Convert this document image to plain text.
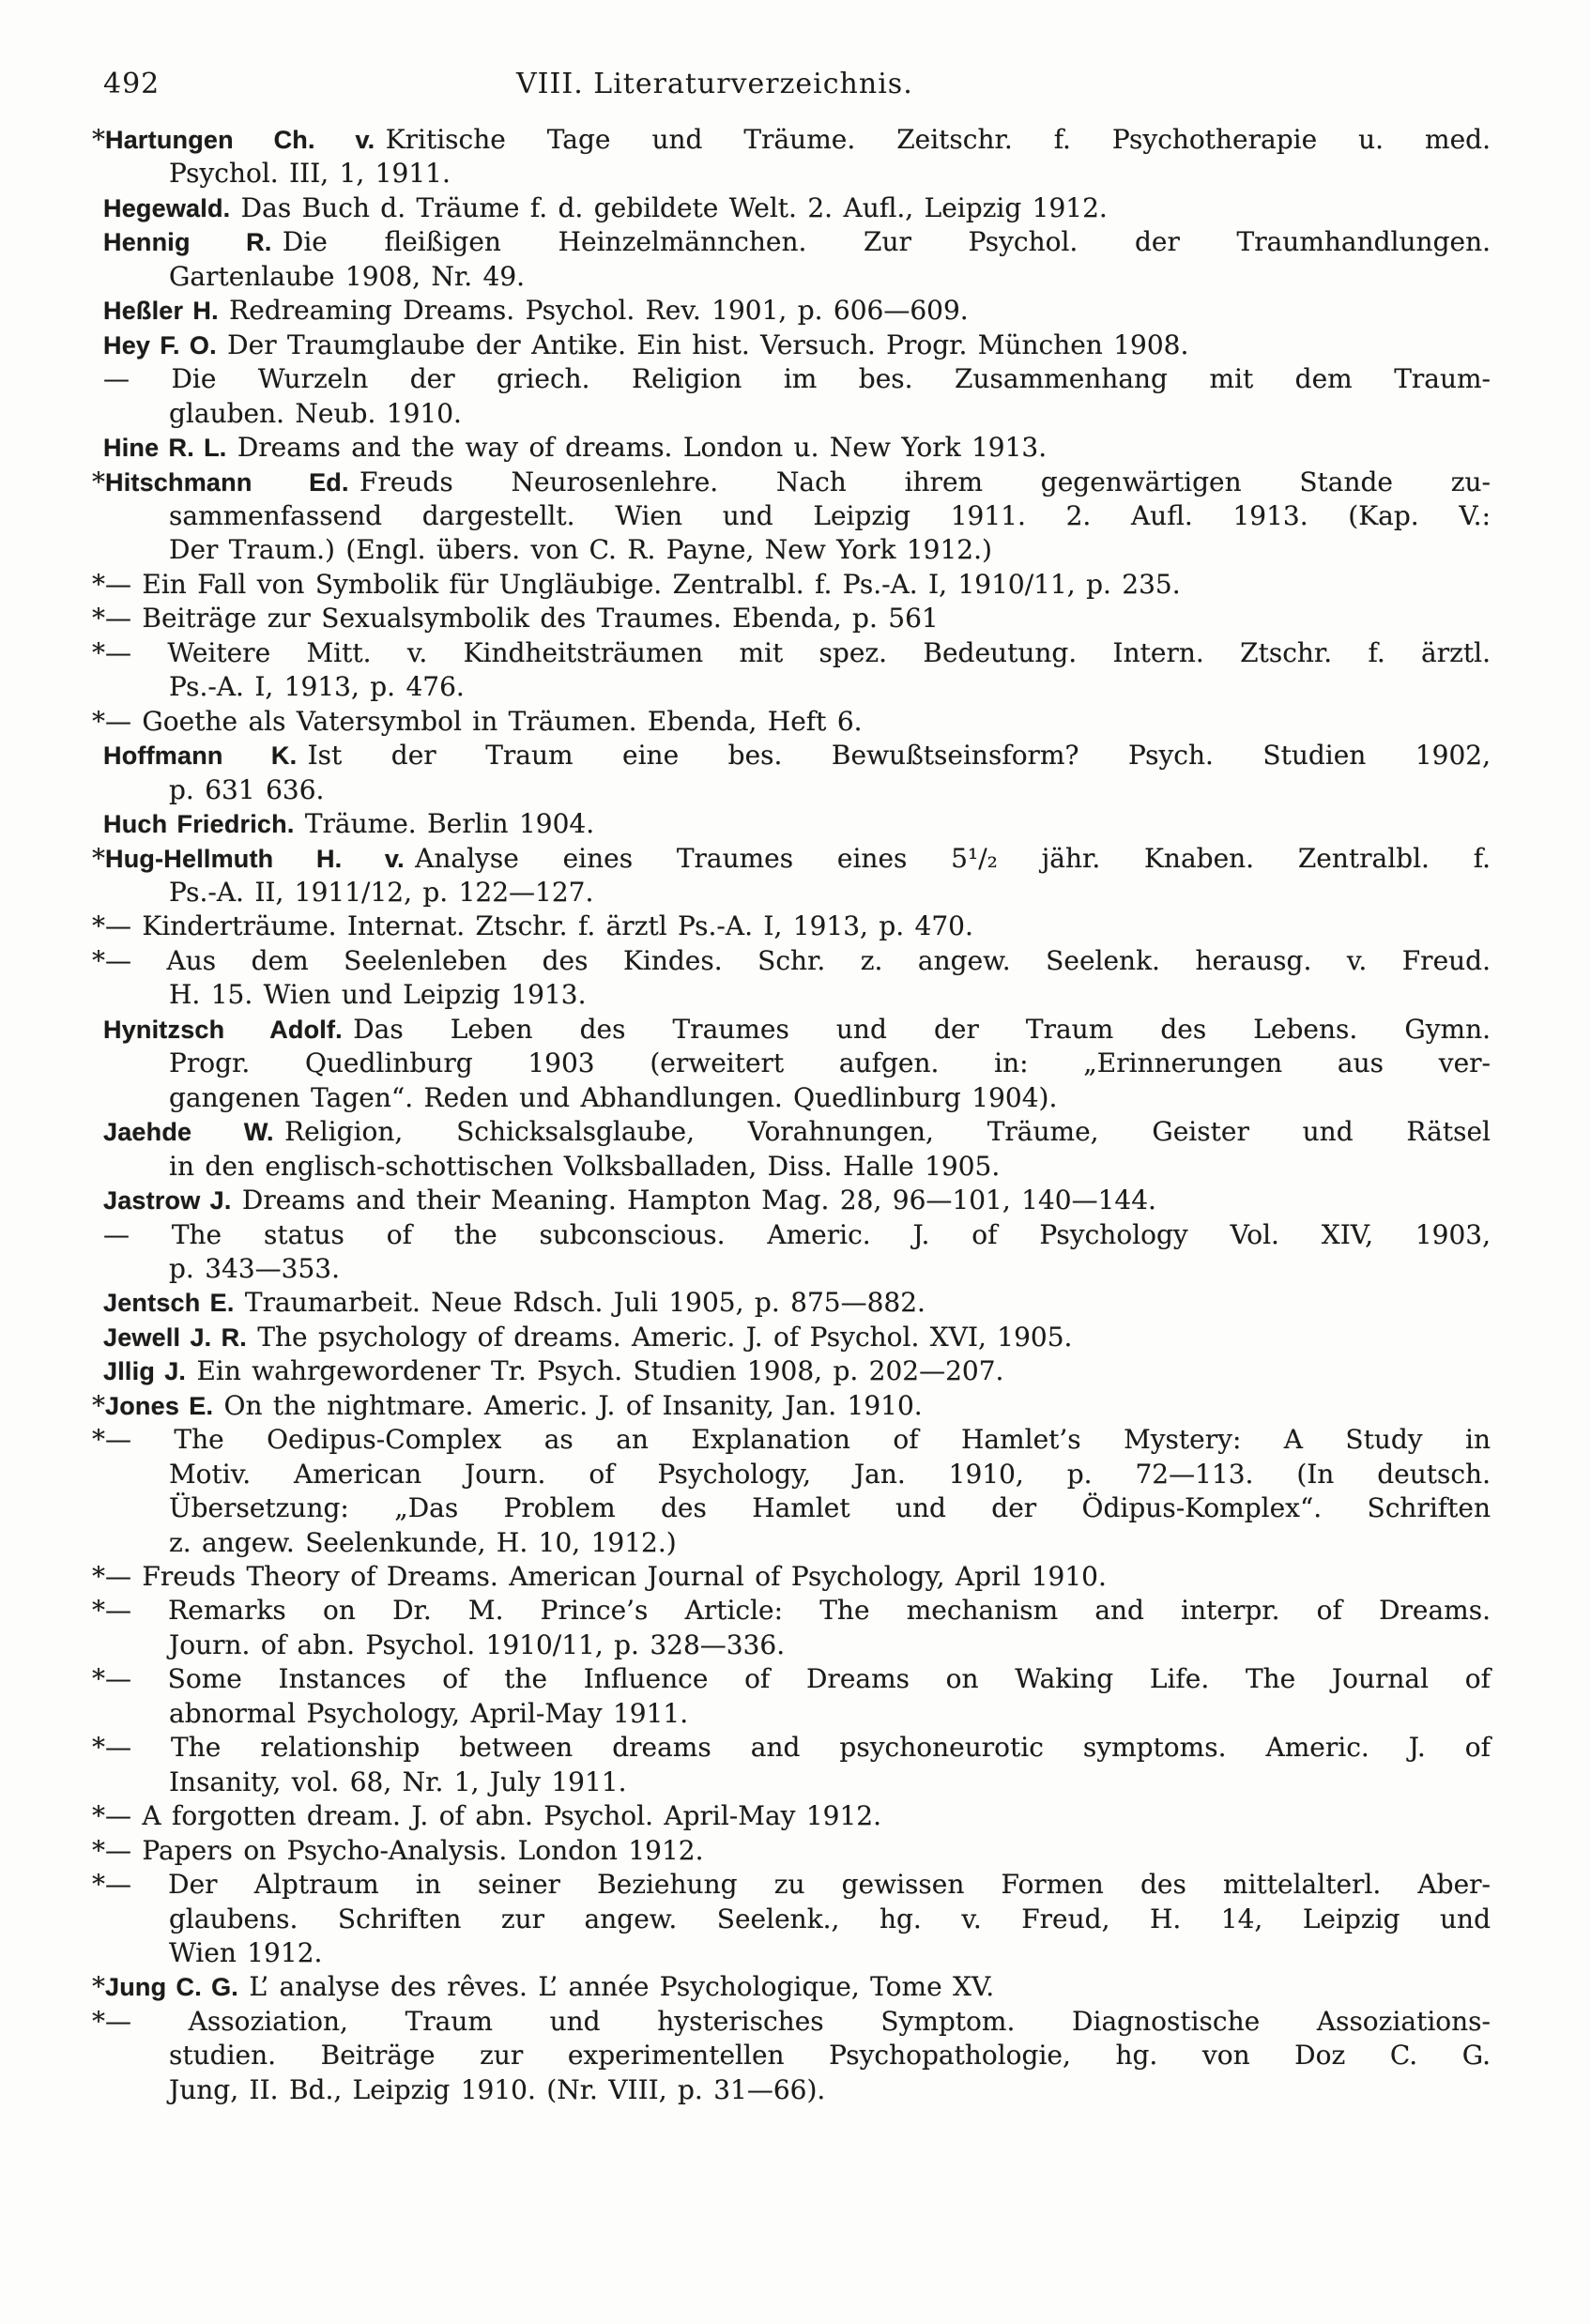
492	VIII. Literaturverzeichnis.
*Hartungen Ch. v. Kritische Tage und Träume. Zeitschr. f. Psychotherapie u. med.
Psychol. III, 1, 1911.
Hegewald. Das Buch d. Träume f. d. gebildete Welt. 2. Aufl., Leipzig 1912.
Hennig R. Die fleißigen Heinzelmännchen. Zur Psychol. der Traumhandlungen.
Gartenlaube 1908, Nr. 49.
Heßler H. Redreaming Dreams. Psychol. Rev. 1901, p. 606—609.
Hey F. O. Der Traumglaube der Antike. Ein hist. Versuch. Progr. München 1908.
— Die Wurzeln der griech. Religion im bes. Zusammenhang mit dem Traum-
glauben. Neub. 1910.
Hine R. L. Dreams and the way of dreams. London u. New York 1913.
*Hitschmann Ed. Freuds Neurosenlehre. Nach ihrem gegenwärtigen Stande zu-
sammenfassend dargestellt. Wien und Leipzig 1911. 2. Aufl. 1913. (Kap. V.:
Der Traum.) (Engl. übers. von C. R. Payne, New York 1912.)
*— Ein Fall von Symbolik für Ungläubige. Zentralbl. f. Ps.-A. I, 1910/11, p. 235.
*— Beiträge zur Sexualsymbolik des Traumes. Ebenda, p. 561
*— Weitere Mitt. v. Kindheitsträumen mit spez. Bedeutung. Intern. Ztschr. f. ärztl.
Ps.-A. I, 1913, p. 476.
*— Goethe als Vatersymbol in Träumen. Ebenda, Heft 6.
Hoffmann K. Ist der Traum eine bes. Bewußtseinsform? Psych. Studien 1902,
p. 631 636.
Huch Friedrich. Träume. Berlin 1904.
*Hug-Hellmuth H. v. Analyse eines Traumes eines 5¹/₂ jähr. Knaben. Zentralbl. f.
Ps.-A. II, 1911/12, p. 122—127.
*— Kinderträume. Internat. Ztschr. f. ärztl Ps.-A. I, 1913, p. 470.
*— Aus dem Seelenleben des Kindes. Schr. z. angew. Seelenk. herausg. v. Freud.
H. 15. Wien und Leipzig 1913.
Hynitzsch Adolf. Das Leben des Traumes und der Traum des Lebens. Gymn.
Progr. Quedlinburg 1903 (erweitert aufgen. in: „Erinnerungen aus ver-
gangenen Tagen“. Reden und Abhandlungen. Quedlinburg 1904).
Jaehde W. Religion, Schicksalsglaube, Vorahnungen, Träume, Geister und Rätsel
in den englisch-schottischen Volksballaden, Diss. Halle 1905.
Jastrow J. Dreams and their Meaning. Hampton Mag. 28, 96—101, 140—144.
— The status of the subconscious. Americ. J. of Psychology Vol. XIV, 1903,
p. 343—353.
Jentsch E. Traumarbeit. Neue Rdsch. Juli 1905, p. 875—882.
Jewell J. R. The psychology of dreams. Americ. J. of Psychol. XVI, 1905.
Jllig J. Ein wahrgewordener Tr. Psych. Studien 1908, p. 202—207.
*Jones E. On the nightmare. Americ. J. of Insanity, Jan. 1910.
*— The Oedipus-Complex as an Explanation of Hamlet’s Mystery: A Study in
Motiv. American Journ. of Psychology, Jan. 1910, p. 72—113. (In deutsch.
Übersetzung: „Das Problem des Hamlet und der Ödipus-Komplex“. Schriften
z. angew. Seelenkunde, H. 10, 1912.)
*— Freuds Theory of Dreams. American Journal of Psychology, April 1910.
*— Remarks on Dr. M. Prince’s Article: The mechanism and interpr. of Dreams.
Journ. of abn. Psychol. 1910/11, p. 328—336.
*— Some Instances of the Influence of Dreams on Waking Life. The Journal of
abnormal Psychology, April-May 1911.
*— The relationship between dreams and psychoneurotic symptoms. Americ. J. of
Insanity, vol. 68, Nr. 1, July 1911.
*— A forgotten dream. J. of abn. Psychol. April-May 1912.
*— Papers on Psycho-Analysis. London 1912.
*— Der Alptraum in seiner Beziehung zu gewissen Formen des mittelalterl. Aber-
glaubens. Schriften zur angew. Seelenk., hg. v. Freud, H. 14, Leipzig und
Wien 1912.
*Jung C. G. L’ analyse des rêves. L’ année Psychologique, Tome XV.
*— Assoziation, Traum und hysterisches Symptom. Diagnostische Assoziations-
studien. Beiträge zur experimentellen Psychopathologie, hg. von Doz C. G.
Jung, II. Bd., Leipzig 1910. (Nr. VIII, p. 31—66).
